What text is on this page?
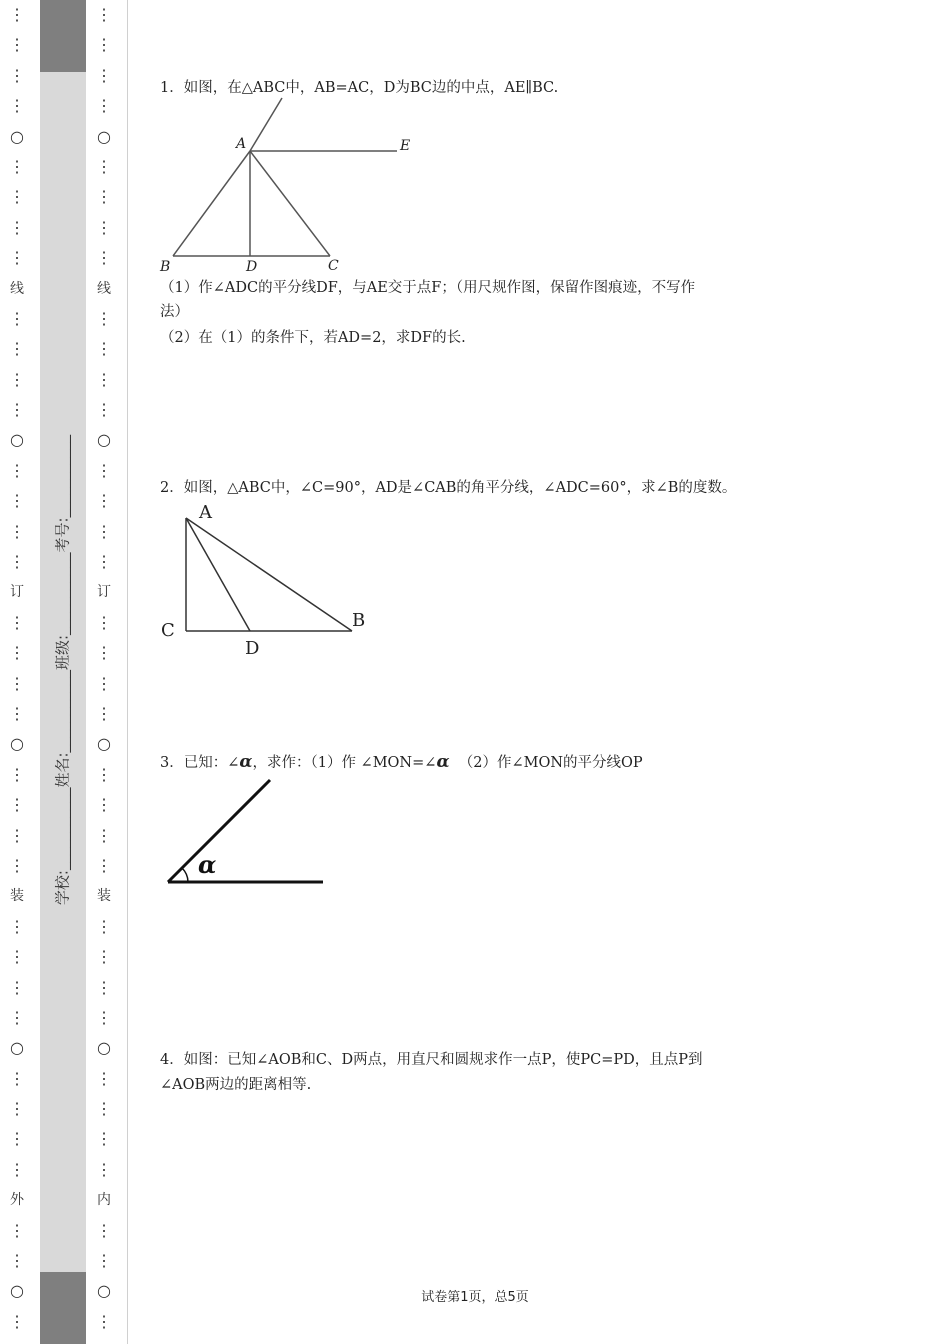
⋮
⋮
⋮
⋮
○
⋮
⋮
⋮
⋮
线
⋮
⋮
⋮
⋮
○
⋮
⋮
⋮
⋮
订
⋮
⋮
⋮
⋮
○
⋮
⋮
⋮
⋮
装
⋮
⋮
⋮
⋮
○
⋮
⋮
⋮
⋮
外
⋮
⋮
○
⋮
学校:___________姓名:___________班级:___________考号:___________
⋮
⋮
⋮
⋮
○
⋮
⋮
⋮
⋮
线
⋮
⋮
⋮
⋮
○
⋮
⋮
⋮
⋮
订
⋮
⋮
⋮
⋮
○
⋮
⋮
⋮
⋮
装
⋮
⋮
⋮
⋮
○
⋮
⋮
⋮
⋮
内
⋮
⋮
○
⋮
1．如图，在△ABC中，AB=AC，D为BC边的中点，AE∥BC.
A	E
B	D	C
（1）作∠ADC的平分线DF，与AE交于点F；（用尺规作图，保留作图痕迹，不写作
法）
（2）在（1）的条件下，若AD=2，求DF的长.
2．如图，△ABC中，∠C=90°，AD是∠CAB的角平分线，∠ADC=60°，求∠B的度数。
A
C
D
B
3．已知：∠α，求作：（1）作 ∠MON=∠α （2）作∠MON的平分线OP
α
4．如图：已知∠AOB和C、D两点，用直尺和圆规求作一点P，使PC=PD，且点P到
∠AOB两边的距离相等.
试卷第1页，总5页
